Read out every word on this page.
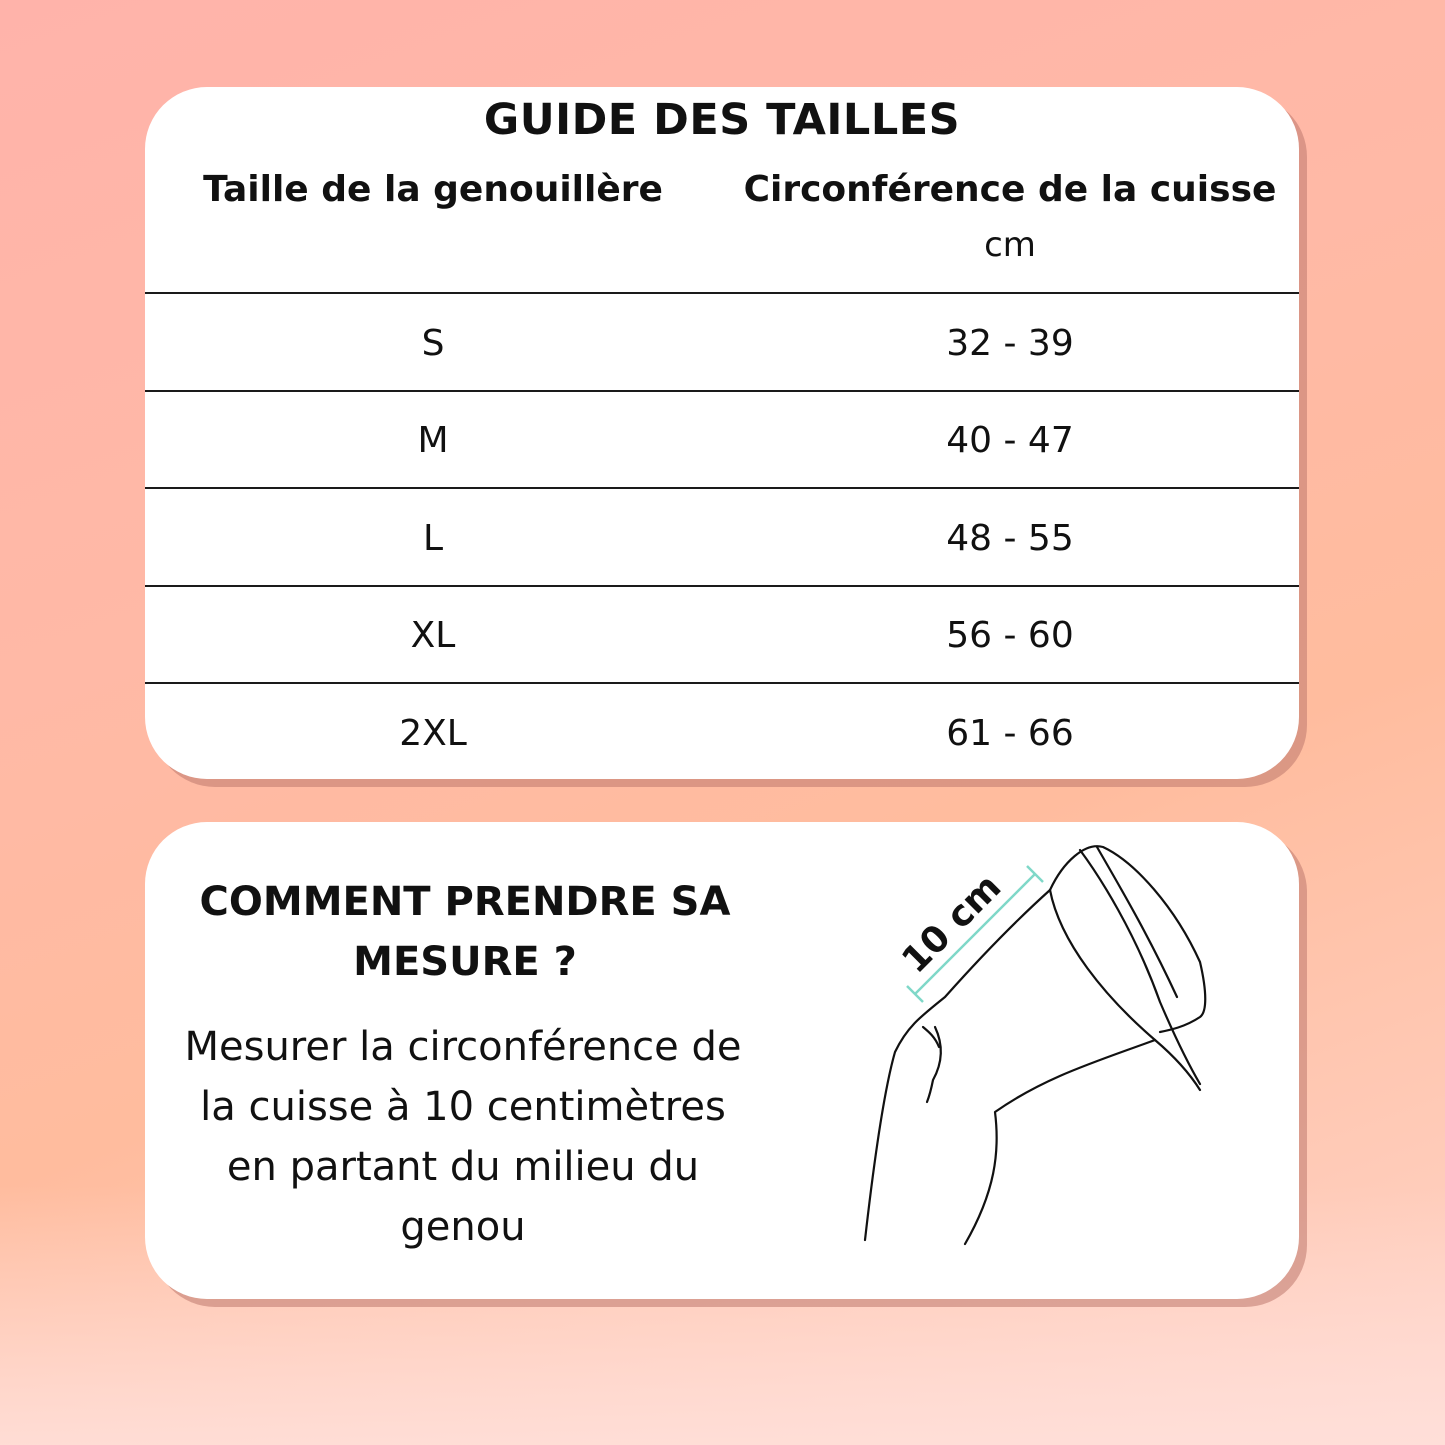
GUIDE DES TAILLES
Taille de la genouillère	Circonférence de la cuisse
cm
S	32 - 39
M	40 - 47
L	48 - 55
XL	56 - 60
2XL	61 - 66
COMMENT PRENDRE SA
MESURE ?
Mesurer la circonférence de
la cuisse à 10 centimètres
en partant du milieu du
genou
10 cm
